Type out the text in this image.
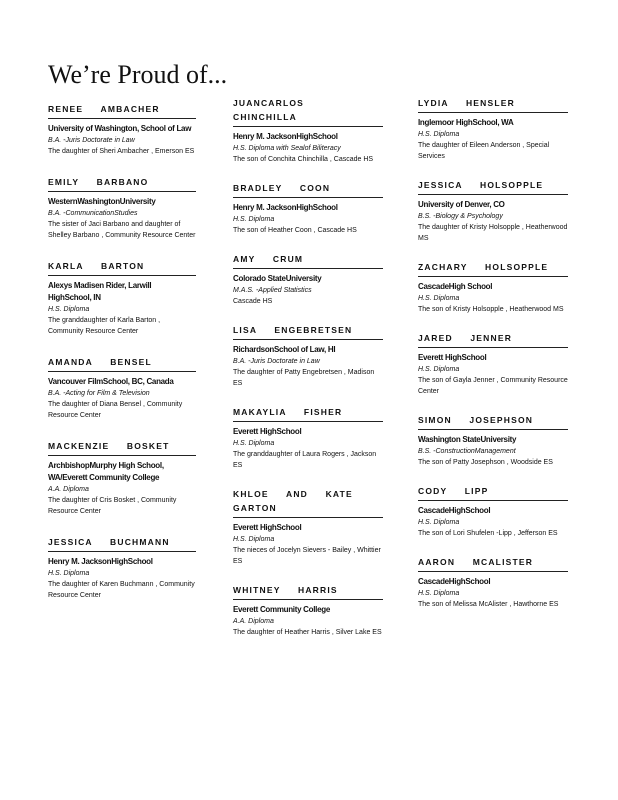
We’re Proud of...
RENEE AMBACHER
University of Washington, School of Law
B.A. -Juris Doctorate in Law
The daughter of Sheri Ambacher , Emerson ES
EMILY BARBANO
WesternWashingtonUniversity
B.A. -CommunicationStudies
The sister of Jaci Barbano and daughter of Shelley Barbano , Community Resource Center
KARLA BARTON
Alexys Madisen Rider, Larwill HighSchool, IN
H.S. Diploma
The granddaughter of Karla Barton , Community Resource Center
AMANDA BENSEL
Vancouver FilmSchool, BC, Canada
B.A. -Acting for Film & Television
The daughter of Diana Bensel , Community Resource Center
MACKENZIE BOSKET
ArchbishopMurphy High School, WA/Everett Community College
A.A. Diploma
The daughter of Cris Bosket , Community Resource Center
JESSICA BUCHMANN
Henry M. JacksonHighSchool
H.S. Diploma
The daughter of Karen Buchmann , Community Resource Center
JUANCARLOS CHINCHILLA
Henry M. JacksonHighSchool
H.S. Diploma with Sealof Biliteracy
The son of Conchita Chinchilla , Cascade HS
BRADLEY COON
Henry M. JacksonHighSchool
H.S. Diploma
The son of Heather Coon , Cascade HS
AMY CRUM
Colorado StateUniversity
M.A.S. -Applied Statistics
Cascade HS
LISA ENGEBRETSEN
RichardsonSchool of Law, HI
B.A. -Juris Doctorate in Law
The daughter of Patty Engebretsen , Madison ES
MAKAYLIA FISHER
Everett HighSchool
H.S. Diploma
The granddaughter of Laura Rogers , Jackson ES
KHLOE AND KATE GARTON
Everett HighSchool
H.S. Diploma
The nieces of Jocelyn Sievers - Bailey , Whittier ES
WHITNEY HARRIS
Everett Community College
A.A. Diploma
The daughter of Heather Harris , Silver Lake ES
LYDIA HENSLER
Inglemoor HighSchool, WA
H.S. Diploma
The daughter of Eileen Anderson , Special Services
JESSICA HOLSOPPLE
University of Denver, CO
B.S. -Biology & Psychology
The daughter of Kristy Holsopple , Heatherwood MS
ZACHARY HOLSOPPLE
CascadeHigh School
H.S. Diploma
The son of Kristy Holsopple , Heatherwood MS
JARED JENNER
Everett HighSchool
H.S. Diploma
The son of Gayla Jenner , Community Resource Center
SIMON JOSEPHSON
Washington StateUniversity
B.S. -ConstructionManagement
The son of Patty Josephson , Woodside ES
CODY LIPP
CascadeHighSchool
H.S. Diploma
The son of Lori Shufelen -Lipp , Jefferson ES
AARON MCALISTER
CascadeHighSchool
H.S. Diploma
The son of Melissa McAlister , Hawthorne ES
